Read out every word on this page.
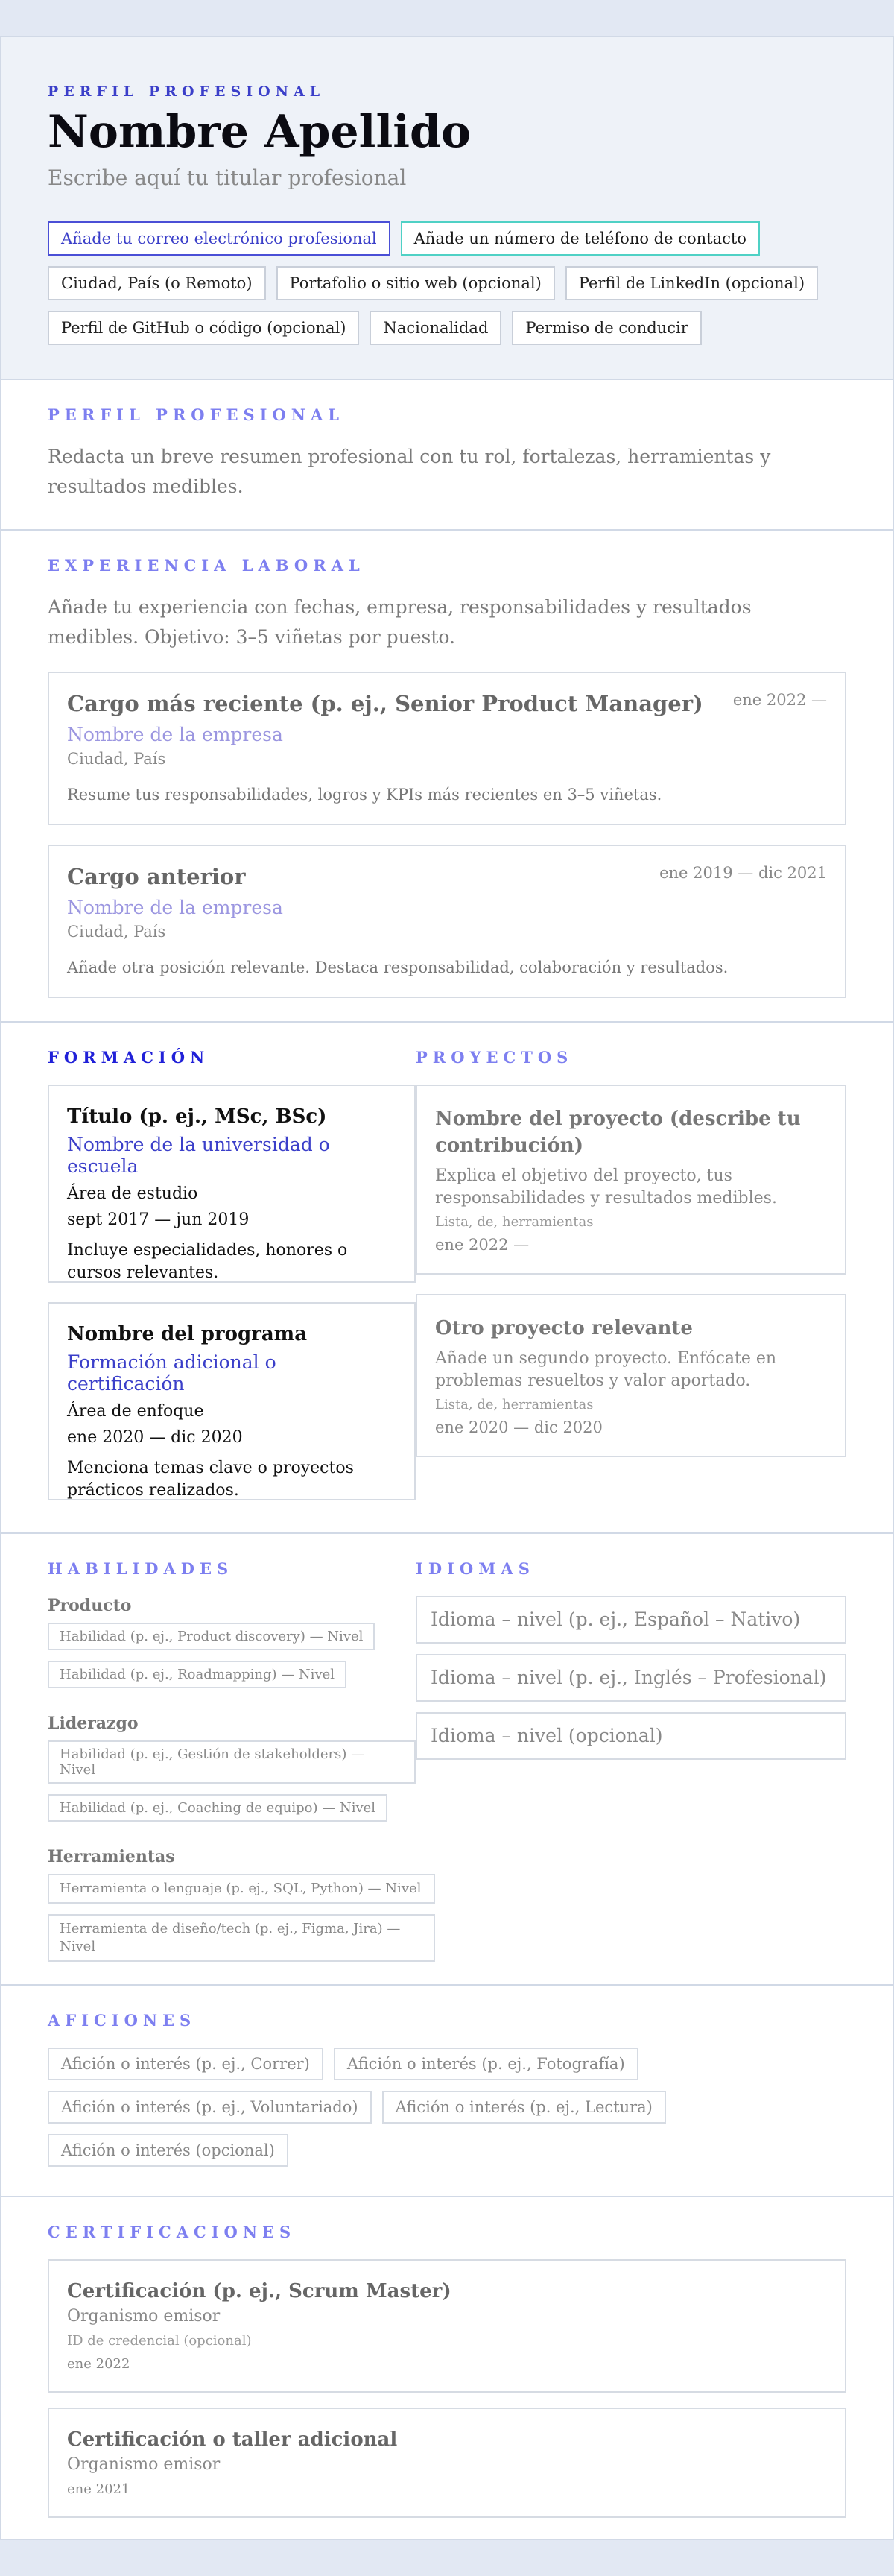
PERFIL PROFESIONAL
Nombre Apellido
Escribe aquí tu titular profesional
Añade tu correo electrónico profesional	Añade un número de teléfono de contacto
Ciudad, País (o Remoto)	Portafolio o sitio web (opcional)	Perfil de LinkedIn (opcional)
Perfil de GitHub o código (opcional)	Nacionalidad	Permiso de conducir
PERFIL PROFESIONAL
Redacta un breve resumen profesional con tu rol, fortalezas, herramientas y resultados medibles.
EXPERIENCIA LABORAL
Añade tu experiencia con fechas, empresa, responsabilidades y resultados medibles. Objetivo: 3–5 viñetas por puesto.
Cargo más reciente (p. ej., Senior Product Manager)	ene 2022 —
Nombre de la empresa
Ciudad, País
Resume tus responsabilidades, logros y KPIs más recientes en 3–5 viñetas.
Cargo anterior	ene 2019 — dic 2021
Nombre de la empresa
Ciudad, País
Añade otra posición relevante. Destaca responsabilidad, colaboración y resultados.
FORMACIÓN
Título (p. ej., MSc, BSc)
Nombre de la universidad o escuela
Área de estudio
sept 2017 — jun 2019
Incluye especialidades, honores o cursos relevantes.
Nombre del programa
Formación adicional o certificación
Área de enfoque
ene 2020 — dic 2020
Menciona temas clave o proyectos prácticos realizados.
PROYECTOS
Nombre del proyecto (describe tu contribución)
Explica el objetivo del proyecto, tus responsabilidades y resultados medibles.
Lista, de, herramientas
ene 2022 —
Otro proyecto relevante
Añade un segundo proyecto. Enfócate en problemas resueltos y valor aportado.
Lista, de, herramientas
ene 2020 — dic 2020
HABILIDADES
Producto
Habilidad (p. ej., Product discovery) — Nivel
Habilidad (p. ej., Roadmapping) — Nivel
Liderazgo
Habilidad (p. ej., Gestión de stakeholders) — Nivel
Habilidad (p. ej., Coaching de equipo) — Nivel
Herramientas
Herramienta o lenguaje (p. ej., SQL, Python) — Nivel
Herramienta de diseño/tech (p. ej., Figma, Jira) — Nivel
IDIOMAS
Idioma – nivel (p. ej., Español – Nativo)
Idioma – nivel (p. ej., Inglés – Profesional)
Idioma – nivel (opcional)
AFICIONES
Afición o interés (p. ej., Correr)	Afición o interés (p. ej., Fotografía)
Afición o interés (p. ej., Voluntariado)	Afición o interés (p. ej., Lectura)
Afición o interés (opcional)
CERTIFICACIONES
Certificación (p. ej., Scrum Master)
Organismo emisor
ID de credencial (opcional)
ene 2022
Certificación o taller adicional
Organismo emisor
ene 2021
